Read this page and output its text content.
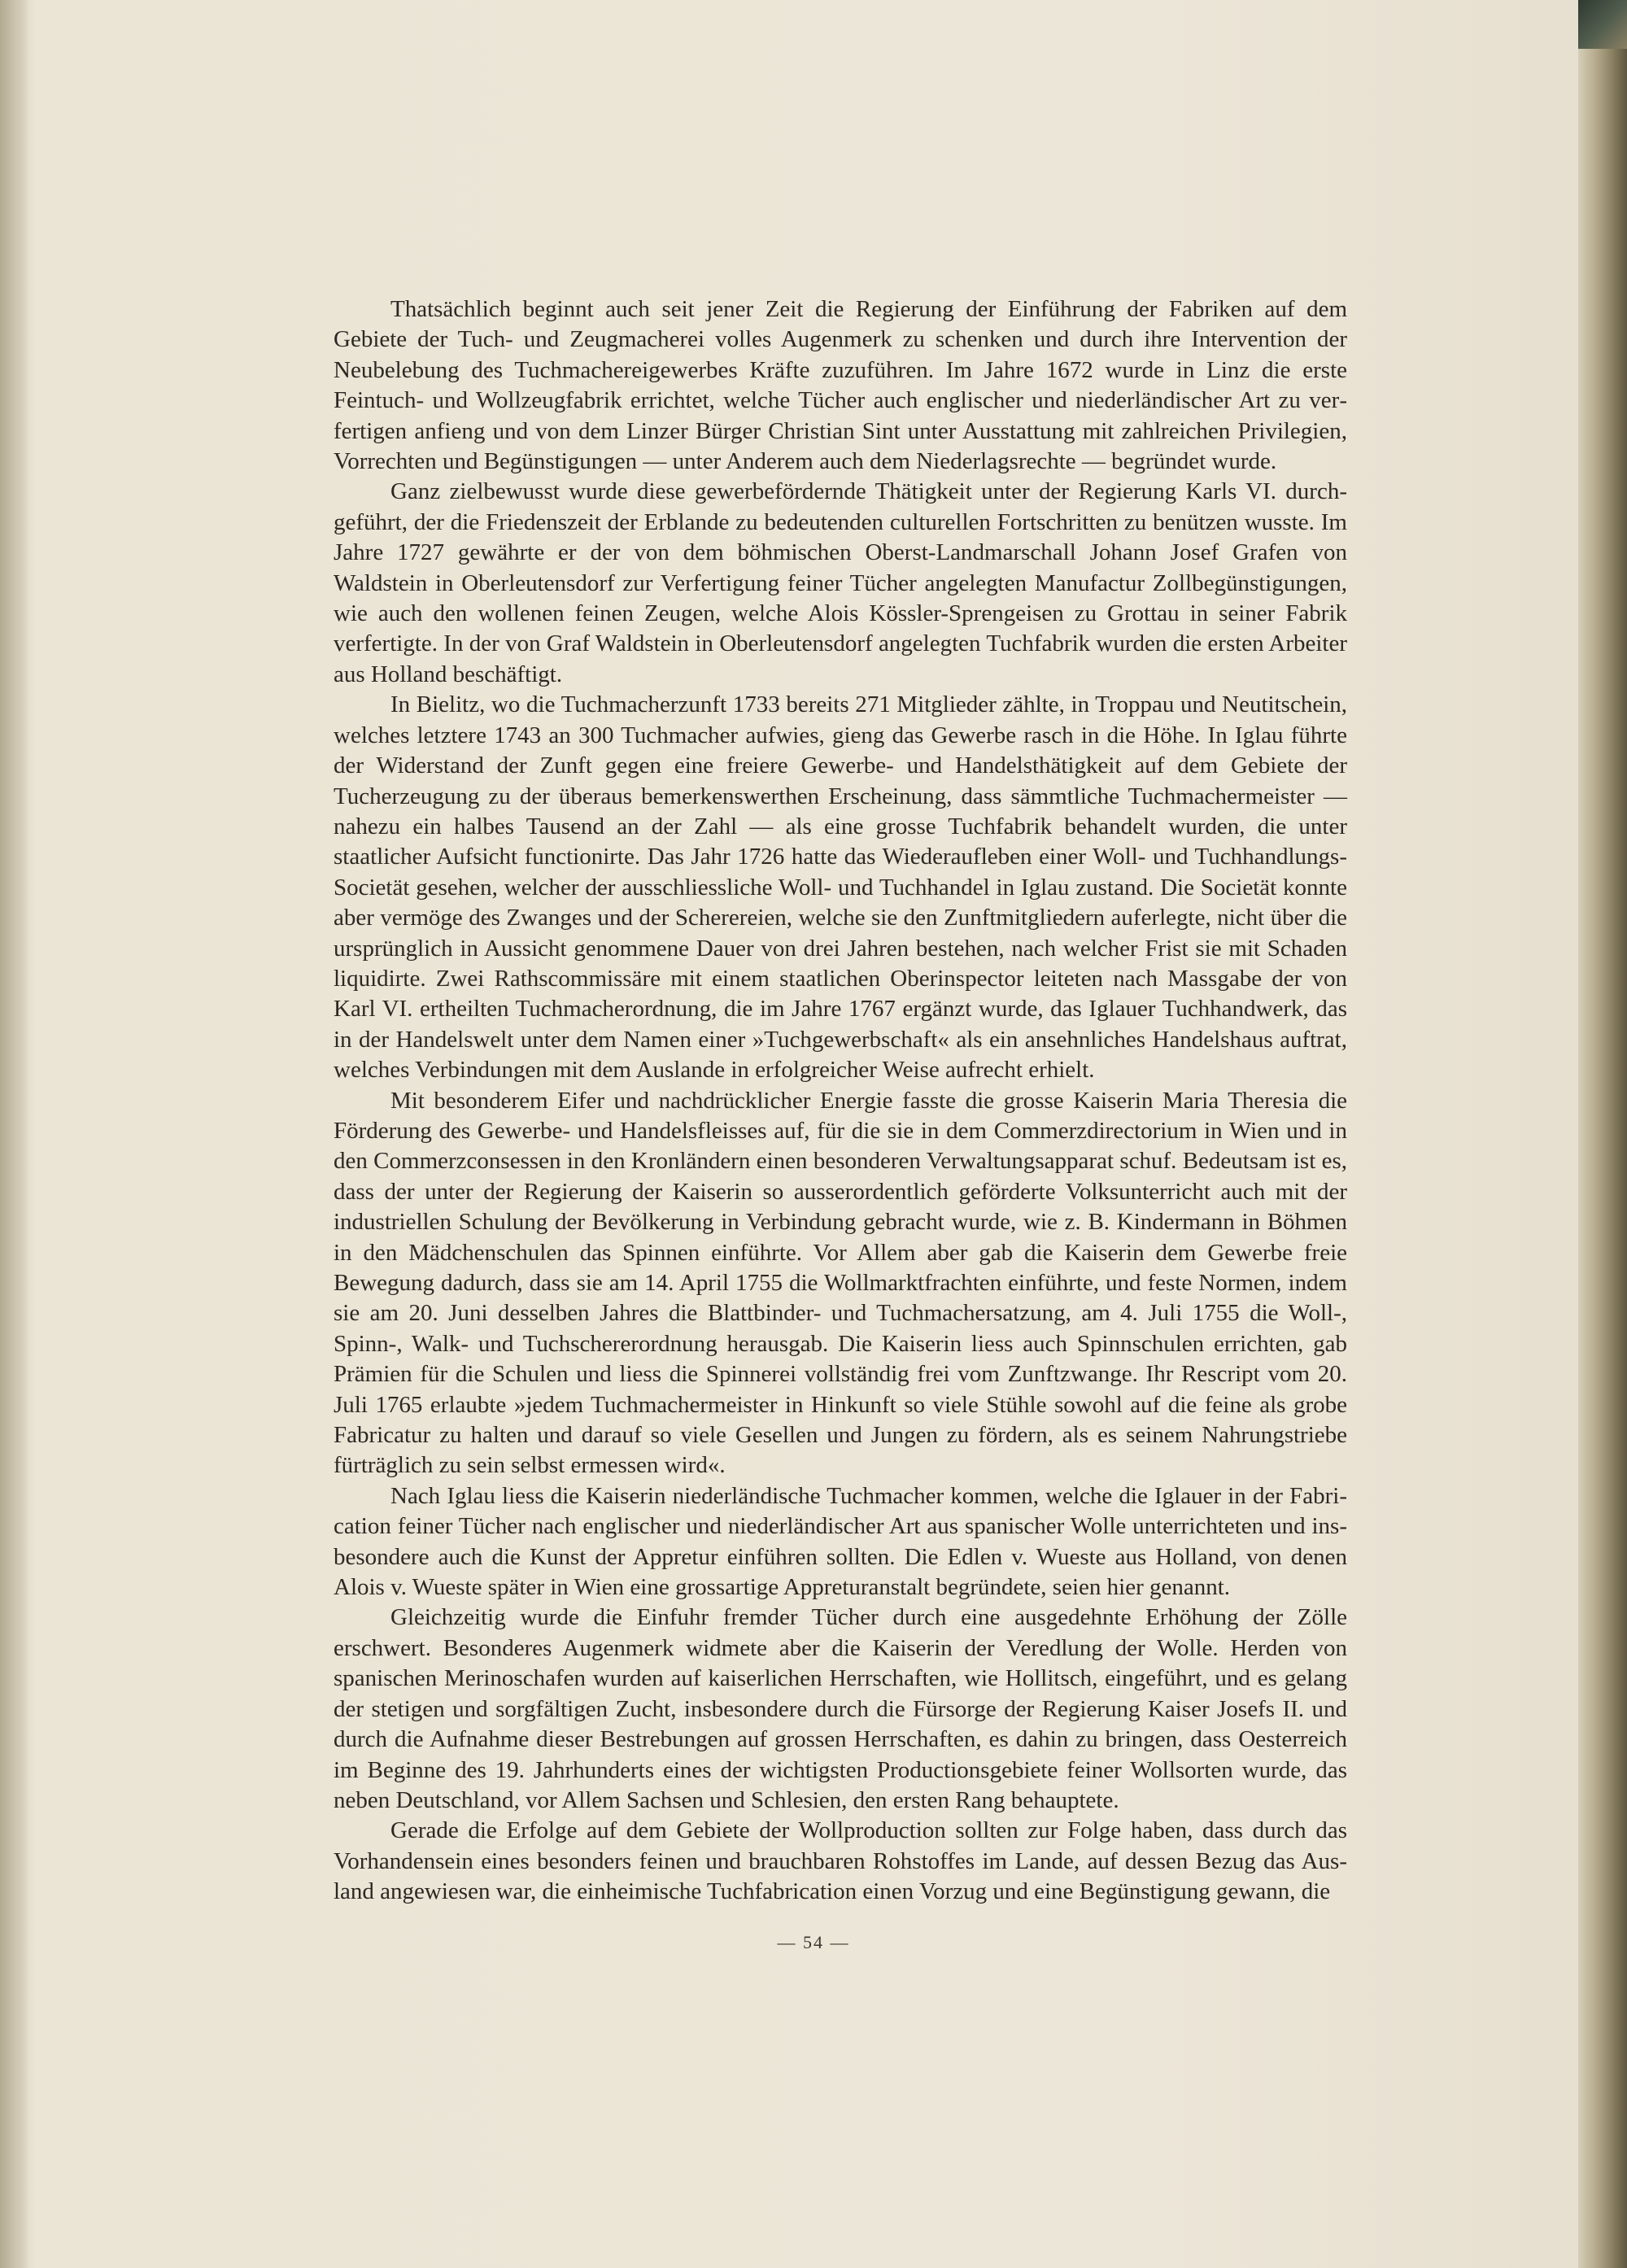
Thatsächlich beginnt auch seit jener Zeit die Regierung der Einführung der Fabriken auf dem Gebiete der Tuch- und Zeugmacherei volles Augenmerk zu schenken und durch ihre Intervention der Neubelebung des Tuchmachereigewerbes Kräfte zuzuführen. Im Jahre 1672 wurde in Linz die erste Feintuch- und Wollzeugfabrik errichtet, welche Tücher auch englischer und niederländischer Art zu verfertigen anfieng und von dem Linzer Bürger Christian Sint unter Ausstattung mit zahlreichen Privilegien, Vorrechten und Begünstigungen — unter Anderem auch dem Niederlagsrechte — begründet wurde.

Ganz zielbewusst wurde diese gewerbefördernde Thätigkeit unter der Regierung Karls VI. durchgeführt, der die Friedenszeit der Erblande zu bedeutenden culturellen Fortschritten zu benützen wusste. Im Jahre 1727 gewährte er der von dem böhmischen Oberst-Landmarschall Johann Josef Grafen von Waldstein in Oberleutensdorf zur Verfertigung feiner Tücher angelegten Manufactur Zollbegünstigungen, wie auch den wollenen feinen Zeugen, welche Alois Kössler-Sprengeisen zu Grottau in seiner Fabrik verfertigte. In der von Graf Waldstein in Oberleutensdorf angelegten Tuchfabrik wurden die ersten Arbeiter aus Holland beschäftigt.

In Bielitz, wo die Tuchmacherzunft 1733 bereits 271 Mitglieder zählte, in Troppau und Neutitschein, welches letztere 1743 an 300 Tuchmacher aufwies, gieng das Gewerbe rasch in die Höhe. In Iglau führte der Widerstand der Zunft gegen eine freiere Gewerbe- und Handelsthätigkeit auf dem Gebiete der Tucherzeugung zu der überaus bemerkenswerthen Erscheinung, dass sämmtliche Tuchmachermeister — nahezu ein halbes Tausend an der Zahl — als eine grosse Tuchfabrik behandelt wurden, die unter staatlicher Aufsicht functionirte. Das Jahr 1726 hatte das Wiederaufleben einer Woll- und Tuchhandlungs-Societät gesehen, welcher der ausschliessliche Woll- und Tuchhandel in Iglau zustand. Die Societät konnte aber vermöge des Zwanges und der Scherereien, welche sie den Zunftmitgliedern auferlegte, nicht über die ursprünglich in Aussicht genommene Dauer von drei Jahren bestehen, nach welcher Frist sie mit Schaden liquidirte. Zwei Rathscommissäre mit einem staatlichen Oberinspector leiteten nach Massgabe der von Karl VI. ertheilten Tuchmacherordnung, die im Jahre 1767 ergänzt wurde, das Iglauer Tuchhandwerk, das in der Handelswelt unter dem Namen einer »Tuchgewerbschaft« als ein ansehnliches Handelshaus auftrat, welches Verbindungen mit dem Auslande in erfolgreicher Weise aufrecht erhielt.

Mit besonderem Eifer und nachdrücklicher Energie fasste die grosse Kaiserin Maria Theresia die Förderung des Gewerbe- und Handelsfleisses auf, für die sie in dem Commerzdirectorium in Wien und in den Commerzconsessen in den Kronländern einen besonderen Verwaltungsapparat schuf. Bedeutsam ist es, dass der unter der Regierung der Kaiserin so ausserordentlich geförderte Volksunterricht auch mit der industriellen Schulung der Bevölkerung in Verbindung gebracht wurde, wie z. B. Kindermann in Böhmen in den Mädchenschulen das Spinnen einführte. Vor Allem aber gab die Kaiserin dem Gewerbe freie Bewegung dadurch, dass sie am 14. April 1755 die Wollmarktfrachten einführte, und feste Normen, indem sie am 20. Juni desselben Jahres die Blattbinder- und Tuchmachersatzung, am 4. Juli 1755 die Woll-, Spinn-, Walk- und Tuchschererordnung herausgab. Die Kaiserin liess auch Spinnschulen errichten, gab Prämien für die Schulen und liess die Spinnerei vollständig frei vom Zunftzwange. Ihr Rescript vom 20. Juli 1765 erlaubte »jedem Tuchmachermeister in Hinkunft so viele Stühle sowohl auf die feine als grobe Fabricatur zu halten und darauf so viele Gesellen und Jungen zu fördern, als es seinem Nahrungstriebe fürträglich zu sein selbst ermessen wird«.

Nach Iglau liess die Kaiserin niederländische Tuchmacher kommen, welche die Iglauer in der Fabrication feiner Tücher nach englischer und niederländischer Art aus spanischer Wolle unterrichteten und insbesondere auch die Kunst der Appretur einführen sollten. Die Edlen v. Wueste aus Holland, von denen Alois v. Wueste später in Wien eine grossartige Appreturanstalt begründete, seien hier genannt.

Gleichzeitig wurde die Einfuhr fremder Tücher durch eine ausgedehnte Erhöhung der Zölle erschwert. Besonderes Augenmerk widmete aber die Kaiserin der Veredlung der Wolle. Herden von spanischen Merinoschafen wurden auf kaiserlichen Herrschaften, wie Hollitsch, eingeführt, und es gelang der stetigen und sorgfältigen Zucht, insbesondere durch die Fürsorge der Regierung Kaiser Josefs II. und durch die Aufnahme dieser Bestrebungen auf grossen Herrschaften, es dahin zu bringen, dass Oesterreich im Beginne des 19. Jahrhunderts eines der wichtigsten Productionsgebiete feiner Wollsorten wurde, das neben Deutschland, vor Allem Sachsen und Schlesien, den ersten Rang behauptete.

Gerade die Erfolge auf dem Gebiete der Wollproduction sollten zur Folge haben, dass durch das Vorhandensein eines besonders feinen und brauchbaren Rohstoffes im Lande, auf dessen Bezug das Ausland angewiesen war, die einheimische Tuchfabrication einen Vorzug und eine Begünstigung gewann, die

— 54 —
